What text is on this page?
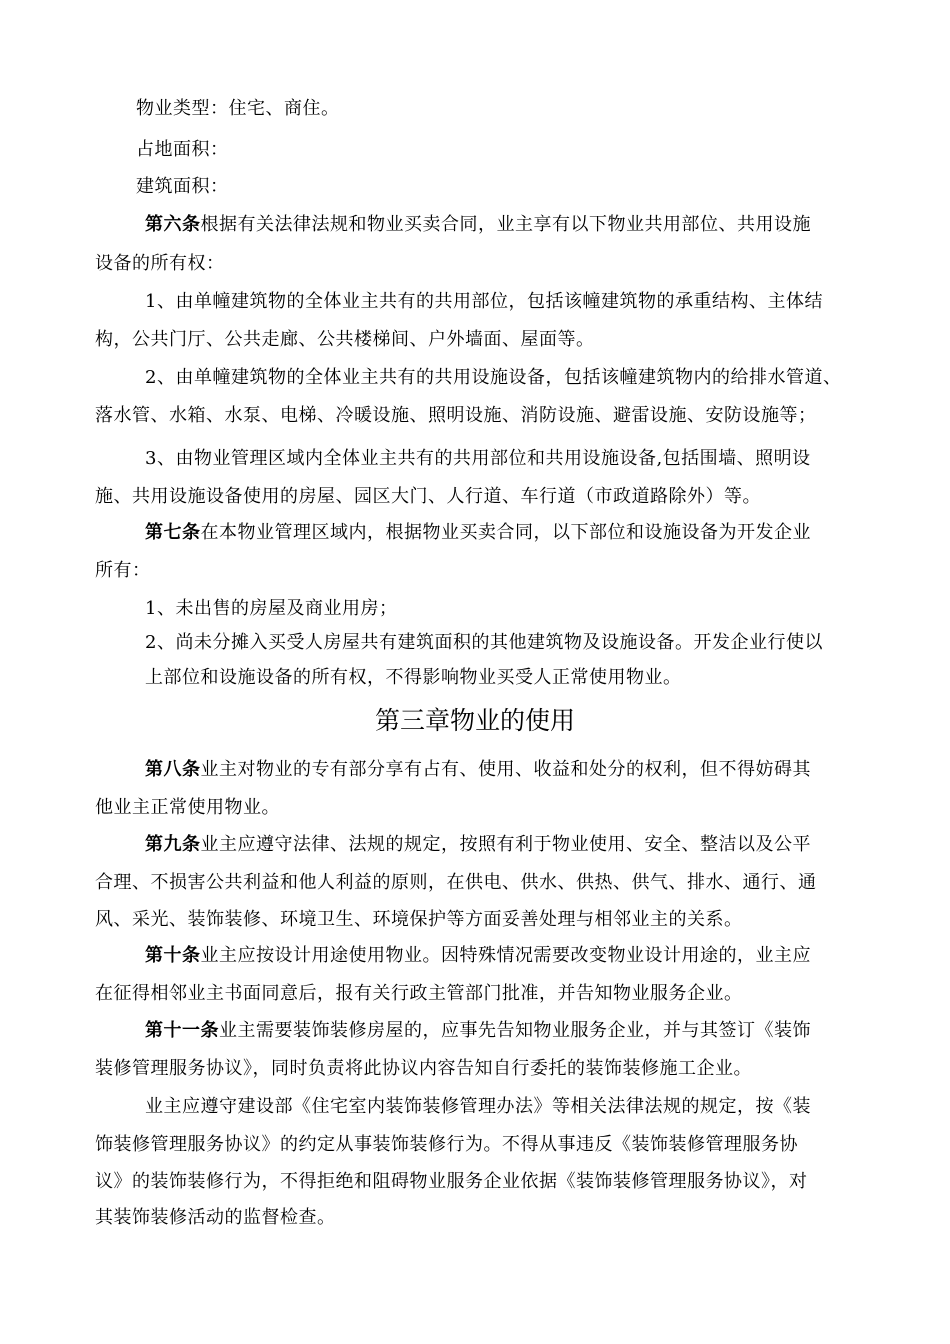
物业类型：住宅、商住。
占地面积：
建筑面积：
第六条根据有关法律法规和物业买卖合同，业主享有以下物业共用部位、共用设施
设备的所有权：
1、由单幢建筑物的全体业主共有的共用部位，包括该幢建筑物的承重结构、主体结
构，公共门厅、公共走廊、公共楼梯间、户外墙面、屋面等。
2、由单幢建筑物的全体业主共有的共用设施设备，包括该幢建筑物内的给排水管道、
落水管、水箱、水泵、电梯、冷暖设施、照明设施、消防设施、避雷设施、安防设施等；
3、由物业管理区域内全体业主共有的共用部位和共用设施设备,包括围墙、照明设
施、共用设施设备使用的房屋、园区大门、人行道、车行道（市政道路除外）等。
第七条在本物业管理区域内，根据物业买卖合同，以下部位和设施设备为开发企业
所有：
1、未出售的房屋及商业用房；
2、尚未分摊入买受人房屋共有建筑面积的其他建筑物及设施设备。开发企业行使以
上部位和设施设备的所有权，不得影响物业买受人正常使用物业。
第三章物业的使用
第八条业主对物业的专有部分享有占有、使用、收益和处分的权利，但不得妨碍其
他业主正常使用物业。
第九条业主应遵守法律、法规的规定，按照有利于物业使用、安全、整洁以及公平
合理、不损害公共利益和他人利益的原则，在供电、供水、供热、供气、排水、通行、通
风、采光、装饰装修、环境卫生、环境保护等方面妥善处理与相邻业主的关系。
第十条业主应按设计用途使用物业。因特殊情况需要改变物业设计用途的，业主应
在征得相邻业主书面同意后，报有关行政主管部门批准，并告知物业服务企业。
第十一条业主需要装饰装修房屋的，应事先告知物业服务企业，并与其签订《装饰
装修管理服务协议》，同时负责将此协议内容告知自行委托的装饰装修施工企业。
业主应遵守建设部《住宅室内装饰装修管理办法》等相关法律法规的规定，按《装
饰装修管理服务协议》的约定从事装饰装修行为。不得从事违反《装饰装修管理服务协
议》的装饰装修行为，不得拒绝和阻碍物业服务企业依据《装饰装修管理服务协议》，对
其装饰装修活动的监督检查。
